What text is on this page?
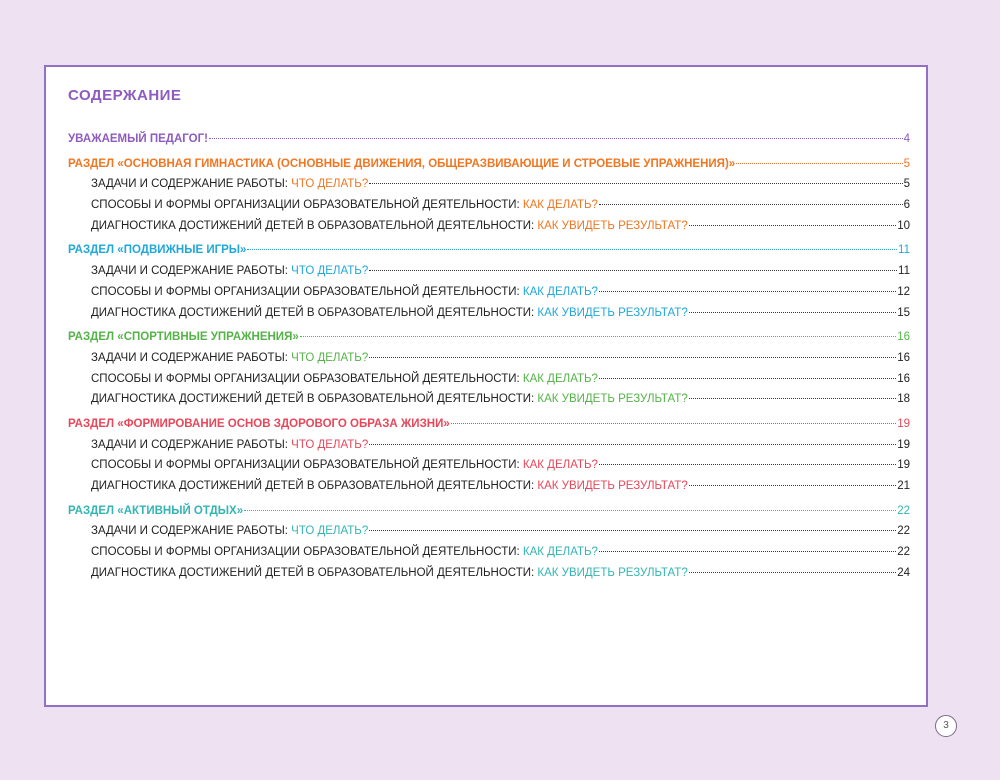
СОДЕРЖАНИЕ
УВАЖАЕМЫЙ ПЕДАГОГ!	4
РАЗДЕЛ «ОСНОВНАЯ ГИМНАСТИКА (ОСНОВНЫЕ ДВИЖЕНИЯ, ОБЩЕРАЗВИВАЮЩИЕ И СТРОЕВЫЕ УПРАЖНЕНИЯ)»	5
ЗАДАЧИ И СОДЕРЖАНИЕ РАБОТЫ: ЧТО ДЕЛАТЬ?	5
СПОСОБЫ И ФОРМЫ ОРГАНИЗАЦИИ ОБРАЗОВАТЕЛЬНОЙ ДЕЯТЕЛЬНОСТИ: КАК ДЕЛАТЬ?	6
ДИАГНОСТИКА ДОСТИЖЕНИЙ ДЕТЕЙ В ОБРАЗОВАТЕЛЬНОЙ ДЕЯТЕЛЬНОСТИ: КАК УВИДЕТЬ РЕЗУЛЬТАТ?	10
РАЗДЕЛ «ПОДВИЖНЫЕ ИГРЫ»	11
ЗАДАЧИ И СОДЕРЖАНИЕ РАБОТЫ: ЧТО ДЕЛАТЬ?	11
СПОСОБЫ И ФОРМЫ ОРГАНИЗАЦИИ ОБРАЗОВАТЕЛЬНОЙ ДЕЯТЕЛЬНОСТИ: КАК ДЕЛАТЬ?	12
ДИАГНОСТИКА ДОСТИЖЕНИЙ ДЕТЕЙ В ОБРАЗОВАТЕЛЬНОЙ ДЕЯТЕЛЬНОСТИ: КАК УВИДЕТЬ РЕЗУЛЬТАТ?	15
РАЗДЕЛ «СПОРТИВНЫЕ УПРАЖНЕНИЯ»	16
ЗАДАЧИ И СОДЕРЖАНИЕ РАБОТЫ: ЧТО ДЕЛАТЬ?	16
СПОСОБЫ И ФОРМЫ ОРГАНИЗАЦИИ ОБРАЗОВАТЕЛЬНОЙ ДЕЯТЕЛЬНОСТИ: КАК ДЕЛАТЬ?	16
ДИАГНОСТИКА ДОСТИЖЕНИЙ ДЕТЕЙ В ОБРАЗОВАТЕЛЬНОЙ ДЕЯТЕЛЬНОСТИ: КАК УВИДЕТЬ РЕЗУЛЬТАТ?	18
РАЗДЕЛ «ФОРМИРОВАНИЕ ОСНОВ ЗДОРОВОГО ОБРАЗА ЖИЗНИ»	19
ЗАДАЧИ И СОДЕРЖАНИЕ РАБОТЫ: ЧТО ДЕЛАТЬ?	19
СПОСОБЫ И ФОРМЫ ОРГАНИЗАЦИИ ОБРАЗОВАТЕЛЬНОЙ ДЕЯТЕЛЬНОСТИ: КАК ДЕЛАТЬ?	19
ДИАГНОСТИКА ДОСТИЖЕНИЙ ДЕТЕЙ В ОБРАЗОВАТЕЛЬНОЙ ДЕЯТЕЛЬНОСТИ: КАК УВИДЕТЬ РЕЗУЛЬТАТ?	21
РАЗДЕЛ «АКТИВНЫЙ ОТДЫХ»	22
ЗАДАЧИ И СОДЕРЖАНИЕ РАБОТЫ: ЧТО ДЕЛАТЬ?	22
СПОСОБЫ И ФОРМЫ ОРГАНИЗАЦИИ ОБРАЗОВАТЕЛЬНОЙ ДЕЯТЕЛЬНОСТИ: КАК ДЕЛАТЬ?	22
ДИАГНОСТИКА ДОСТИЖЕНИЙ ДЕТЕЙ В ОБРАЗОВАТЕЛЬНОЙ ДЕЯТЕЛЬНОСТИ: КАК УВИДЕТЬ РЕЗУЛЬТАТ?	24
3
